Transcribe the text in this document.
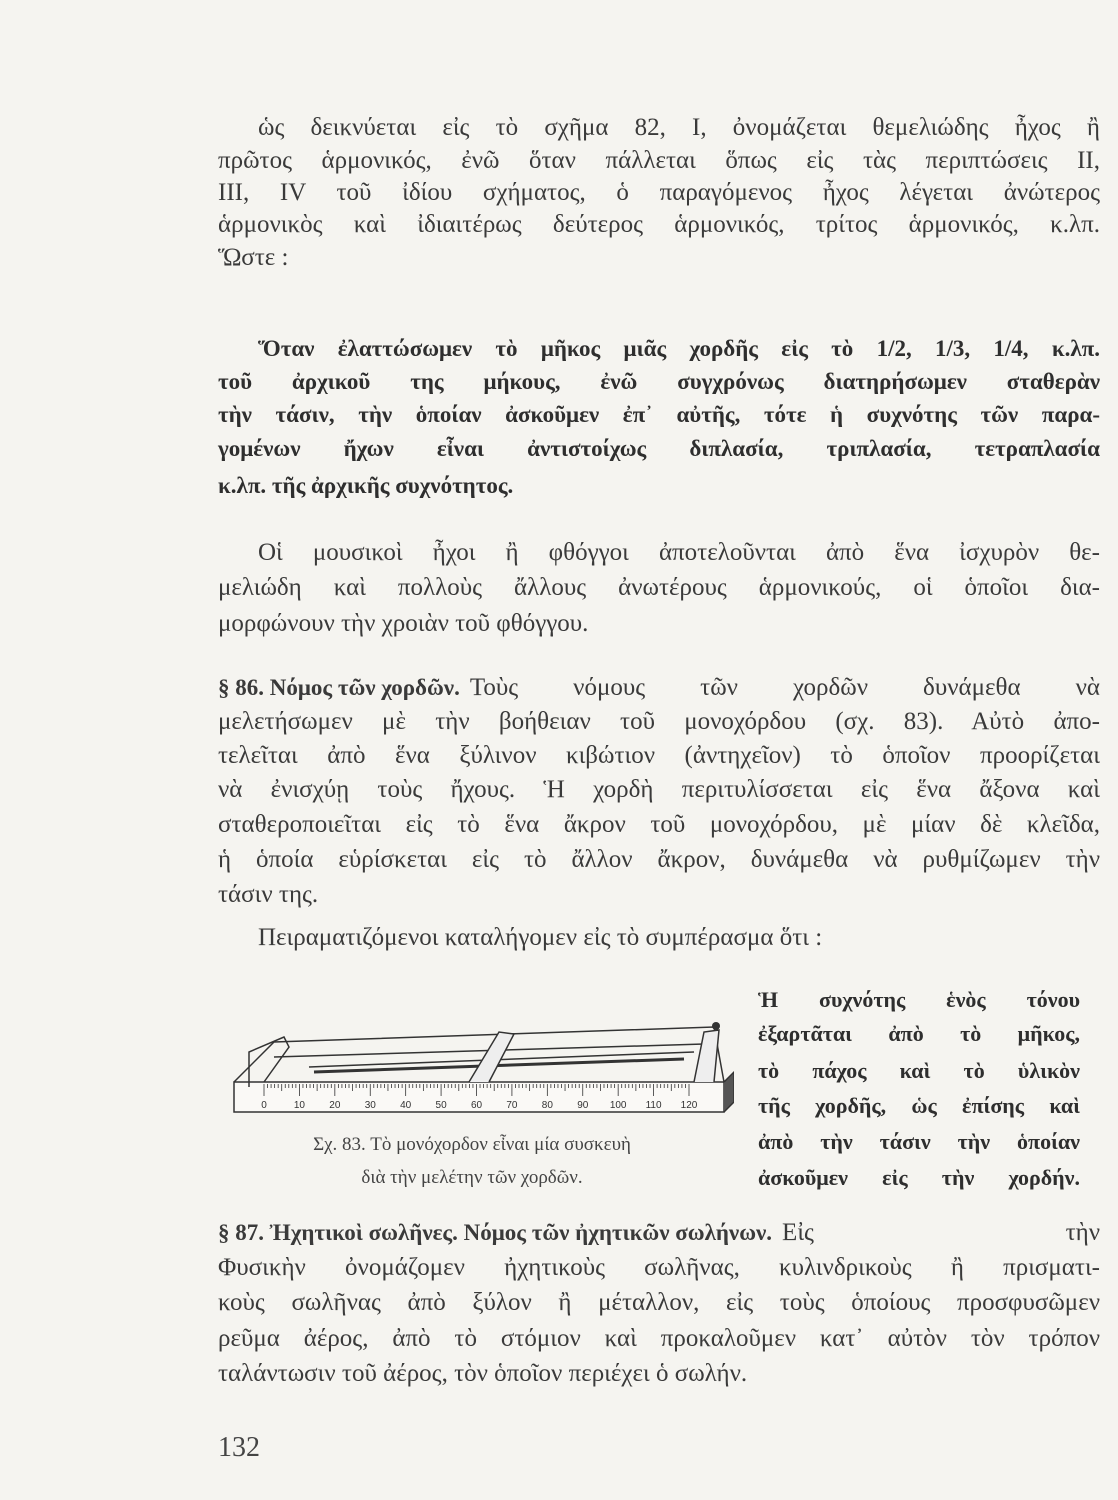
ὡς δεικνύεται εἰς τὸ σχῆμα 82, I, ὀνομάζεται θεμελιώδης ἦχος ἢ
πρῶτος ἁρμονικός, ἐνῶ ὅταν πάλλεται ὅπως εἰς τὰς περιπτώσεις II,
III, IV τοῦ ἰδίου σχήματος, ὁ παραγόμενος ἦχος λέγεται ἀνώτερος
ἁρμονικὸς καὶ ἰδιαιτέρως δεύτερος ἁρμονικός, τρίτος ἁρμονικός, κ.λπ.
Ὥστε :
Ὅταν ἐλαττώσωμεν τὸ μῆκος μιᾶς χορδῆς εἰς τὸ 1/2, 1/3, 1/4, κ.λπ.
τοῦ ἀρχικοῦ της μήκους, ἐνῶ συγχρόνως διατηρήσωμεν σταθερὰν
τὴν τάσιν, τὴν ὁποίαν ἀσκοῦμεν ἐπ᾽ αὐτῆς, τότε ἡ συχνότης τῶν παρα-
γομένων ἤχων εἶναι ἀντιστοίχως διπλασία, τριπλασία, τετραπλασία
κ.λπ. τῆς ἀρχικῆς συχνότητος.
Οἱ μουσικοὶ ἦχοι ἢ φθόγγοι ἀποτελοῦνται ἀπὸ ἕνα ἰσχυρὸν θε-
μελιώδη καὶ πολλοὺς ἄλλους ἀνωτέρους ἁρμονικούς, οἱ ὁποῖοι δια-
μορφώνουν τὴν χροιὰν τοῦ φθόγγου.
§ 86. Νόμος τῶν χορδῶν. Τοὺς νόμους τῶν χορδῶν δυνάμεθα νὰ
μελετήσωμεν μὲ τὴν βοήθειαν τοῦ μονοχόρδου (σχ. 83). Αὐτὸ ἀπο-
τελεῖται ἀπὸ ἕνα ξύλινον κιβώτιον (ἀντηχεῖον) τὸ ὁποῖον προορίζεται
νὰ ἐνισχύῃ τοὺς ἤχους. Ἡ χορδὴ περιτυλίσσεται εἰς ἕνα ἄξονα καὶ
σταθεροποιεῖται εἰς τὸ ἕνα ἄκρον τοῦ μονοχόρδου, μὲ μίαν δὲ κλεῖδα,
ἡ ὁποία εὑρίσκεται εἰς τὸ ἄλλον ἄκρον, δυνάμεθα νὰ ρυθμίζωμεν τὴν
τάσιν της.
Πειραματιζόμενοι καταλήγομεν εἰς τὸ συμπέρασμα ὅτι :
Ἡ συχνότης ἑνὸς τόνου
ἐξαρτᾶται ἀπὸ τὸ μῆκος,
τὸ πάχος καὶ τὸ ὑλικὸν
τῆς χορδῆς, ὡς ἐπίσης καὶ
ἀπὸ τὴν τάσιν τὴν ὁποίαν
ἀσκοῦμεν εἰς τὴν χορδήν.
0	10 20 30 40 50 60 70 80 90 100 110 120
Σχ. 83. Τὸ μονόχορδον εἶναι μία συσκευὴ
διὰ τὴν μελέτην τῶν χορδῶν.
§ 87. Ἠχητικοὶ σωλῆνες. Νόμος τῶν ἠχητικῶν σωλήνων. Εἰς τὴν
Φυσικὴν ὀνομάζομεν ἠχητικοὺς σωλῆνας, κυλινδρικοὺς ἢ πρισματι-
κοὺς σωλῆνας ἀπὸ ξύλον ἢ μέταλλον, εἰς τοὺς ὁποίους προσφυσῶμεν
ρεῦμα ἀέρος, ἀπὸ τὸ στόμιον καὶ προκαλοῦμεν κατ᾽ αὐτὸν τὸν τρόπον
ταλάντωσιν τοῦ ἀέρος, τὸν ὁποῖον περιέχει ὁ σωλήν.
132
